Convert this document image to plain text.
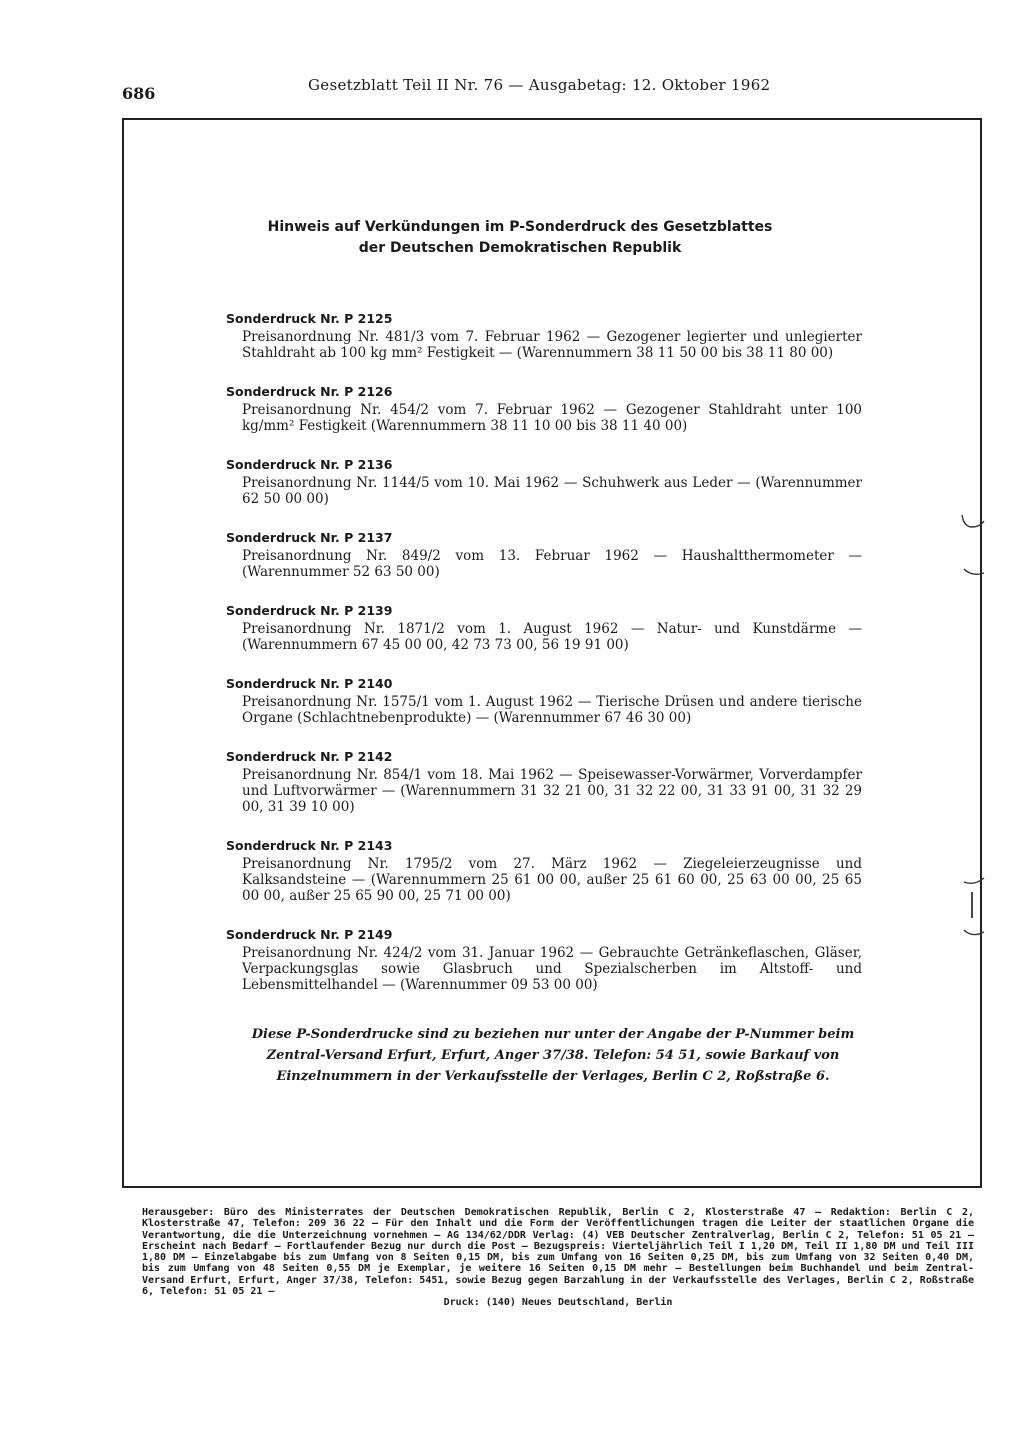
686	Gesetzblatt Teil II Nr. 76 — Ausgabetag: 12. Oktober 1962
Hinweis auf Verkündungen im P-Sonderdruck des Gesetzblattes
der Deutschen Demokratischen Republik
Sonderdruck Nr. P 2125
Preisanordnung Nr. 481/3 vom 7. Februar 1962 — Gezogener legierter und unlegierter Stahldraht ab 100 kg mm² Festigkeit — (Warennummern 38 11 50 00 bis 38 11 80 00)
Sonderdruck Nr. P 2126
Preisanordnung Nr. 454/2 vom 7. Februar 1962 — Gezogener Stahldraht unter 100 kg/mm² Festigkeit (Warennummern 38 11 10 00 bis 38 11 40 00)
Sonderdruck Nr. P 2136
Preisanordnung Nr. 1144/5 vom 10. Mai 1962 — Schuhwerk aus Leder — (Warennummer 62 50 00 00)
Sonderdruck Nr. P 2137
Preisanordnung Nr. 849/2 vom 13. Februar 1962 — Haushaltthermometer — (Warennummer 52 63 50 00)
Sonderdruck Nr. P 2139
Preisanordnung Nr. 1871/2 vom 1. August 1962 — Natur- und Kunstdärme — (Warennummern 67 45 00 00, 42 73 73 00, 56 19 91 00)
Sonderdruck Nr. P 2140
Preisanordnung Nr. 1575/1 vom 1. August 1962 — Tierische Drüsen und andere tierische Organe (Schlachtnebenprodukte) — (Warennummer 67 46 30 00)
Sonderdruck Nr. P 2142
Preisanordnung Nr. 854/1 vom 18. Mai 1962 — Speisewasser-Vorwärmer, Vorverdampfer und Luftvorwärmer — (Warennummern 31 32 21 00, 31 32 22 00, 31 33 91 00, 31 32 29 00, 31 39 10 00)
Sonderdruck Nr. P 2143
Preisanordnung Nr. 1795/2 vom 27. März 1962 — Ziegeleierzeugnisse und Kalksandsteine — (Warennummern 25 61 00 00, außer 25 61 60 00, 25 63 00 00, 25 65 00 00, außer 25 65 90 00, 25 71 00 00)
Sonderdruck Nr. P 2149
Preisanordnung Nr. 424/2 vom 31. Januar 1962 — Gebrauchte Getränkeflaschen, Gläser, Verpackungsglas sowie Glasbruch und Spezialscherben im Altstoff- und Lebensmittelhandel — (Warennummer 09 53 00 00)
Diese P-Sonderdrucke sind zu beziehen nur unter der Angabe der P-Nummer beim Zentral-Versand Erfurt, Erfurt, Anger 37/38. Telefon: 54 51, sowie Barkauf von Einzelnummern in der Verkaufsstelle der Verlages, Berlin C 2, Roßstraße 6.
Herausgeber: Büro des Ministerrates der Deutschen Demokratischen Republik, Berlin C 2, Klosterstraße 47 — Redaktion: Berlin C 2, Klosterstraße 47, Telefon: 209 36 22 — Für den Inhalt und die Form der Veröffentlichungen tragen die Leiter der staatlichen Organe die Verantwortung, die die Unterzeichnung vornehmen — AG 134/62/DDR Verlag: (4) VEB Deutscher Zentralverlag, Berlin C 2, Telefon: 51 05 21 — Erscheint nach Bedarf — Fortlaufender Bezug nur durch die Post — Bezugspreis: Vierteljährlich Teil I 1,20 DM, Teil II 1,80 DM und Teil III 1,80 DM — Einzelabgabe bis zum Umfang von 8 Seiten 0,15 DM, bis zum Umfang von 16 Seiten 0,25 DM, bis zum Umfang von 32 Seiten 0,40 DM, bis zum Umfang von 48 Seiten 0,55 DM je Exemplar, je weitere 16 Seiten 0,15 DM mehr — Bestellungen beim Buchhandel und beim Zentral-Versand Erfurt, Erfurt, Anger 37/38, Telefon: 5451, sowie Bezug gegen Barzahlung in der Verkaufsstelle des Verlages, Berlin C 2, Roßstraße 6, Telefon: 51 05 21 —
Druck: (140) Neues Deutschland, Berlin
